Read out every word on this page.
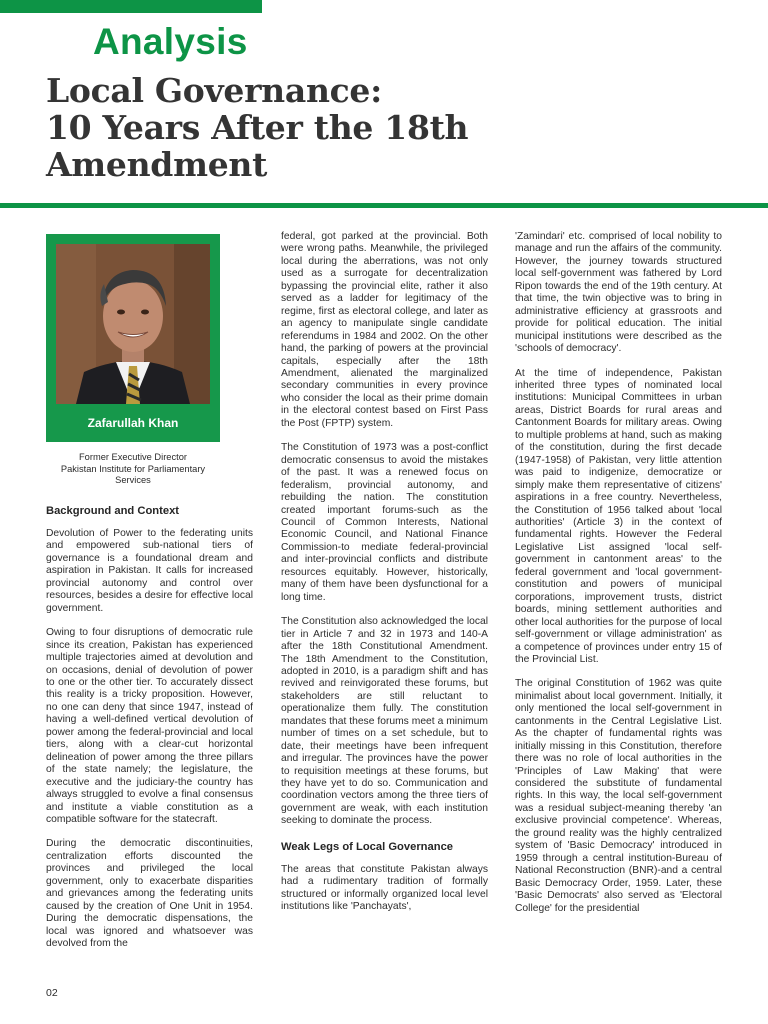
Analysis
Local Governance:
10 Years After the 18th
Amendment
Zafarullah Khan
Former Executive Director
Pakistan Institute for Parliamentary Services
Background and Context

Devolution of Power to the federating units and empowered sub-national tiers of governance is a foundational dream and aspiration in Pakistan. It calls for increased provincial autonomy and control over resources, besides a desire for effective local government.

Owing to four disruptions of democratic rule since its creation, Pakistan has experienced multiple trajectories aimed at devolution and on occasions, denial of devolution of power to one or the other tier. To accurately dissect this reality is a tricky proposition. However, no one can deny that since 1947, instead of having a well-defined vertical devolution of power among the federal-provincial and local tiers, along with a clear-cut horizontal delineation of power among the three pillars of the state namely; the legislature, the executive and the judiciary-the country has always struggled to evolve a final consensus and institute a viable constitution as a compatible software for the statecraft.

During the democratic discontinuities, centralization efforts discounted the provinces and privileged the local government, only to exacerbate disparities and grievances among the federating units caused by the creation of One Unit in 1954. During the democratic dispensations, the local was ignored and whatsoever was devolved from the

federal, got parked at the provincial. Both were wrong paths. Meanwhile, the privileged local during the aberrations, was not only used as a surrogate for decentralization bypassing the provincial elite, rather it also served as a ladder for legitimacy of the regime, first as electoral college, and later as an agency to manipulate single candidate referendums in 1984 and 2002. On the other hand, the parking of powers at the provincial capitals, especially after the 18th Amendment, alienated the marginalized secondary communities in every province who consider the local as their prime domain in the electoral contest based on First Pass the Post (FPTP) system.

The Constitution of 1973 was a post-conflict democratic consensus to avoid the mistakes of the past. It was a renewed focus on federalism, provincial autonomy, and rebuilding the nation. The constitution created important forums-such as the Council of Common Interests, National Economic Council, and National Finance Commission-to mediate federal-provincial and inter-provincial conflicts and distribute resources equitably. However, historically, many of them have been dysfunctional for a long time.

The Constitution also acknowledged the local tier in Article 7 and 32 in 1973 and 140-A after the 18th Constitutional Amendment. The 18th Amendment to the Constitution, adopted in 2010, is a paradigm shift and has revived and reinvigorated these forums, but stakeholders are still reluctant to operationalize them fully. The constitution mandates that these forums meet a minimum number of times on a set schedule, but to date, their meetings have been infrequent and irregular. The provinces have the power to requisition meetings at these forums, but they have yet to do so. Communication and coordination vectors among the three tiers of government are weak, with each institution seeking to dominate the process.

Weak Legs of Local Governance

The areas that constitute Pakistan always had a rudimentary tradition of formally structured or informally organized local level institutions like 'Panchayats',

'Zamindari' etc. comprised of local nobility to manage and run the affairs of the community. However, the journey towards structured local self-government was fathered by Lord Ripon towards the end of the 19th century. At that time, the twin objective was to bring in administrative efficiency at grassroots and provide for political education. The initial municipal institutions were described as the 'schools of democracy'.

At the time of independence, Pakistan inherited three types of nominated local institutions: Municipal Committees in urban areas, District Boards for rural areas and Cantonment Boards for military areas. Owing to multiple problems at hand, such as making of the constitution, during the first decade (1947-1958) of Pakistan, very little attention was paid to indigenize, democratize or simply make them representative of citizens' aspirations in a free country. Nevertheless, the Constitution of 1956 talked about 'local authorities' (Article 3) in the context of fundamental rights. However the Federal Legislative List assigned 'local self-government in cantonment areas' to the federal government and 'local government-constitution and powers of municipal corporations, improvement trusts, district boards, mining settlement authorities and other local authorities for the purpose of local self-government or village administration' as a competence of provinces under entry 15 of the Provincial List.

The original Constitution of 1962 was quite minimalist about local government. Initially, it only mentioned the local self-government in cantonments in the Central Legislative List. As the chapter of fundamental rights was initially missing in this Constitution, therefore there was no role of local authorities in the 'Principles of Law Making' that were considered the substitute of fundamental rights. In this way, the local self-government was a residual subject-meaning thereby 'an exclusive provincial competence'. Whereas, the ground reality was the highly centralized system of 'Basic Democracy' introduced in 1959 through a central institution-Bureau of National Reconstruction (BNR)-and a central Basic Democracy Order, 1959. Later, these 'Basic Democrats' also served as 'Electoral College' for the presidential

02
